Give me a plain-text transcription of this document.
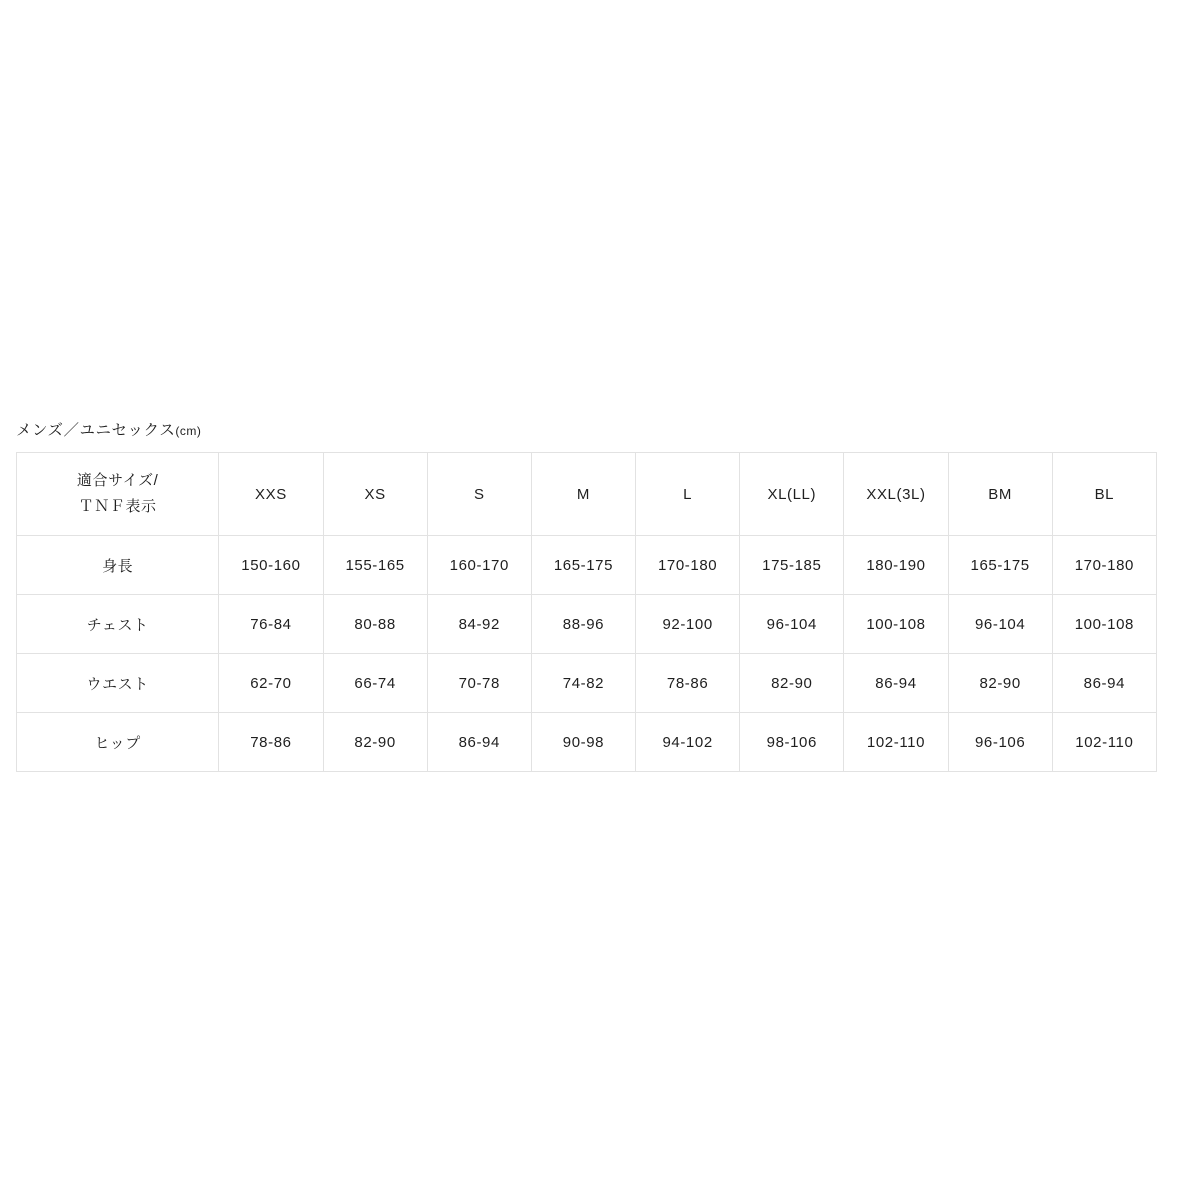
メンズ／ユニセックス(cm)
適合サイズ/
ＴＮＦ表示	XXS	XS	S	M	L	XL(LL)	XXL(3L)	BM	BL
身長	150-160	155-165	160-170	165-175	170-180	175-185	180-190	165-175	170-180
チェスト	76-84	80-88	84-92	88-96	92-100	96-104	100-108	96-104	100-108
ウエスト	62-70	66-74	70-78	74-82	78-86	82-90	86-94	82-90	86-94
ヒップ	78-86	82-90	86-94	90-98	94-102	98-106	102-110	96-106	102-110
